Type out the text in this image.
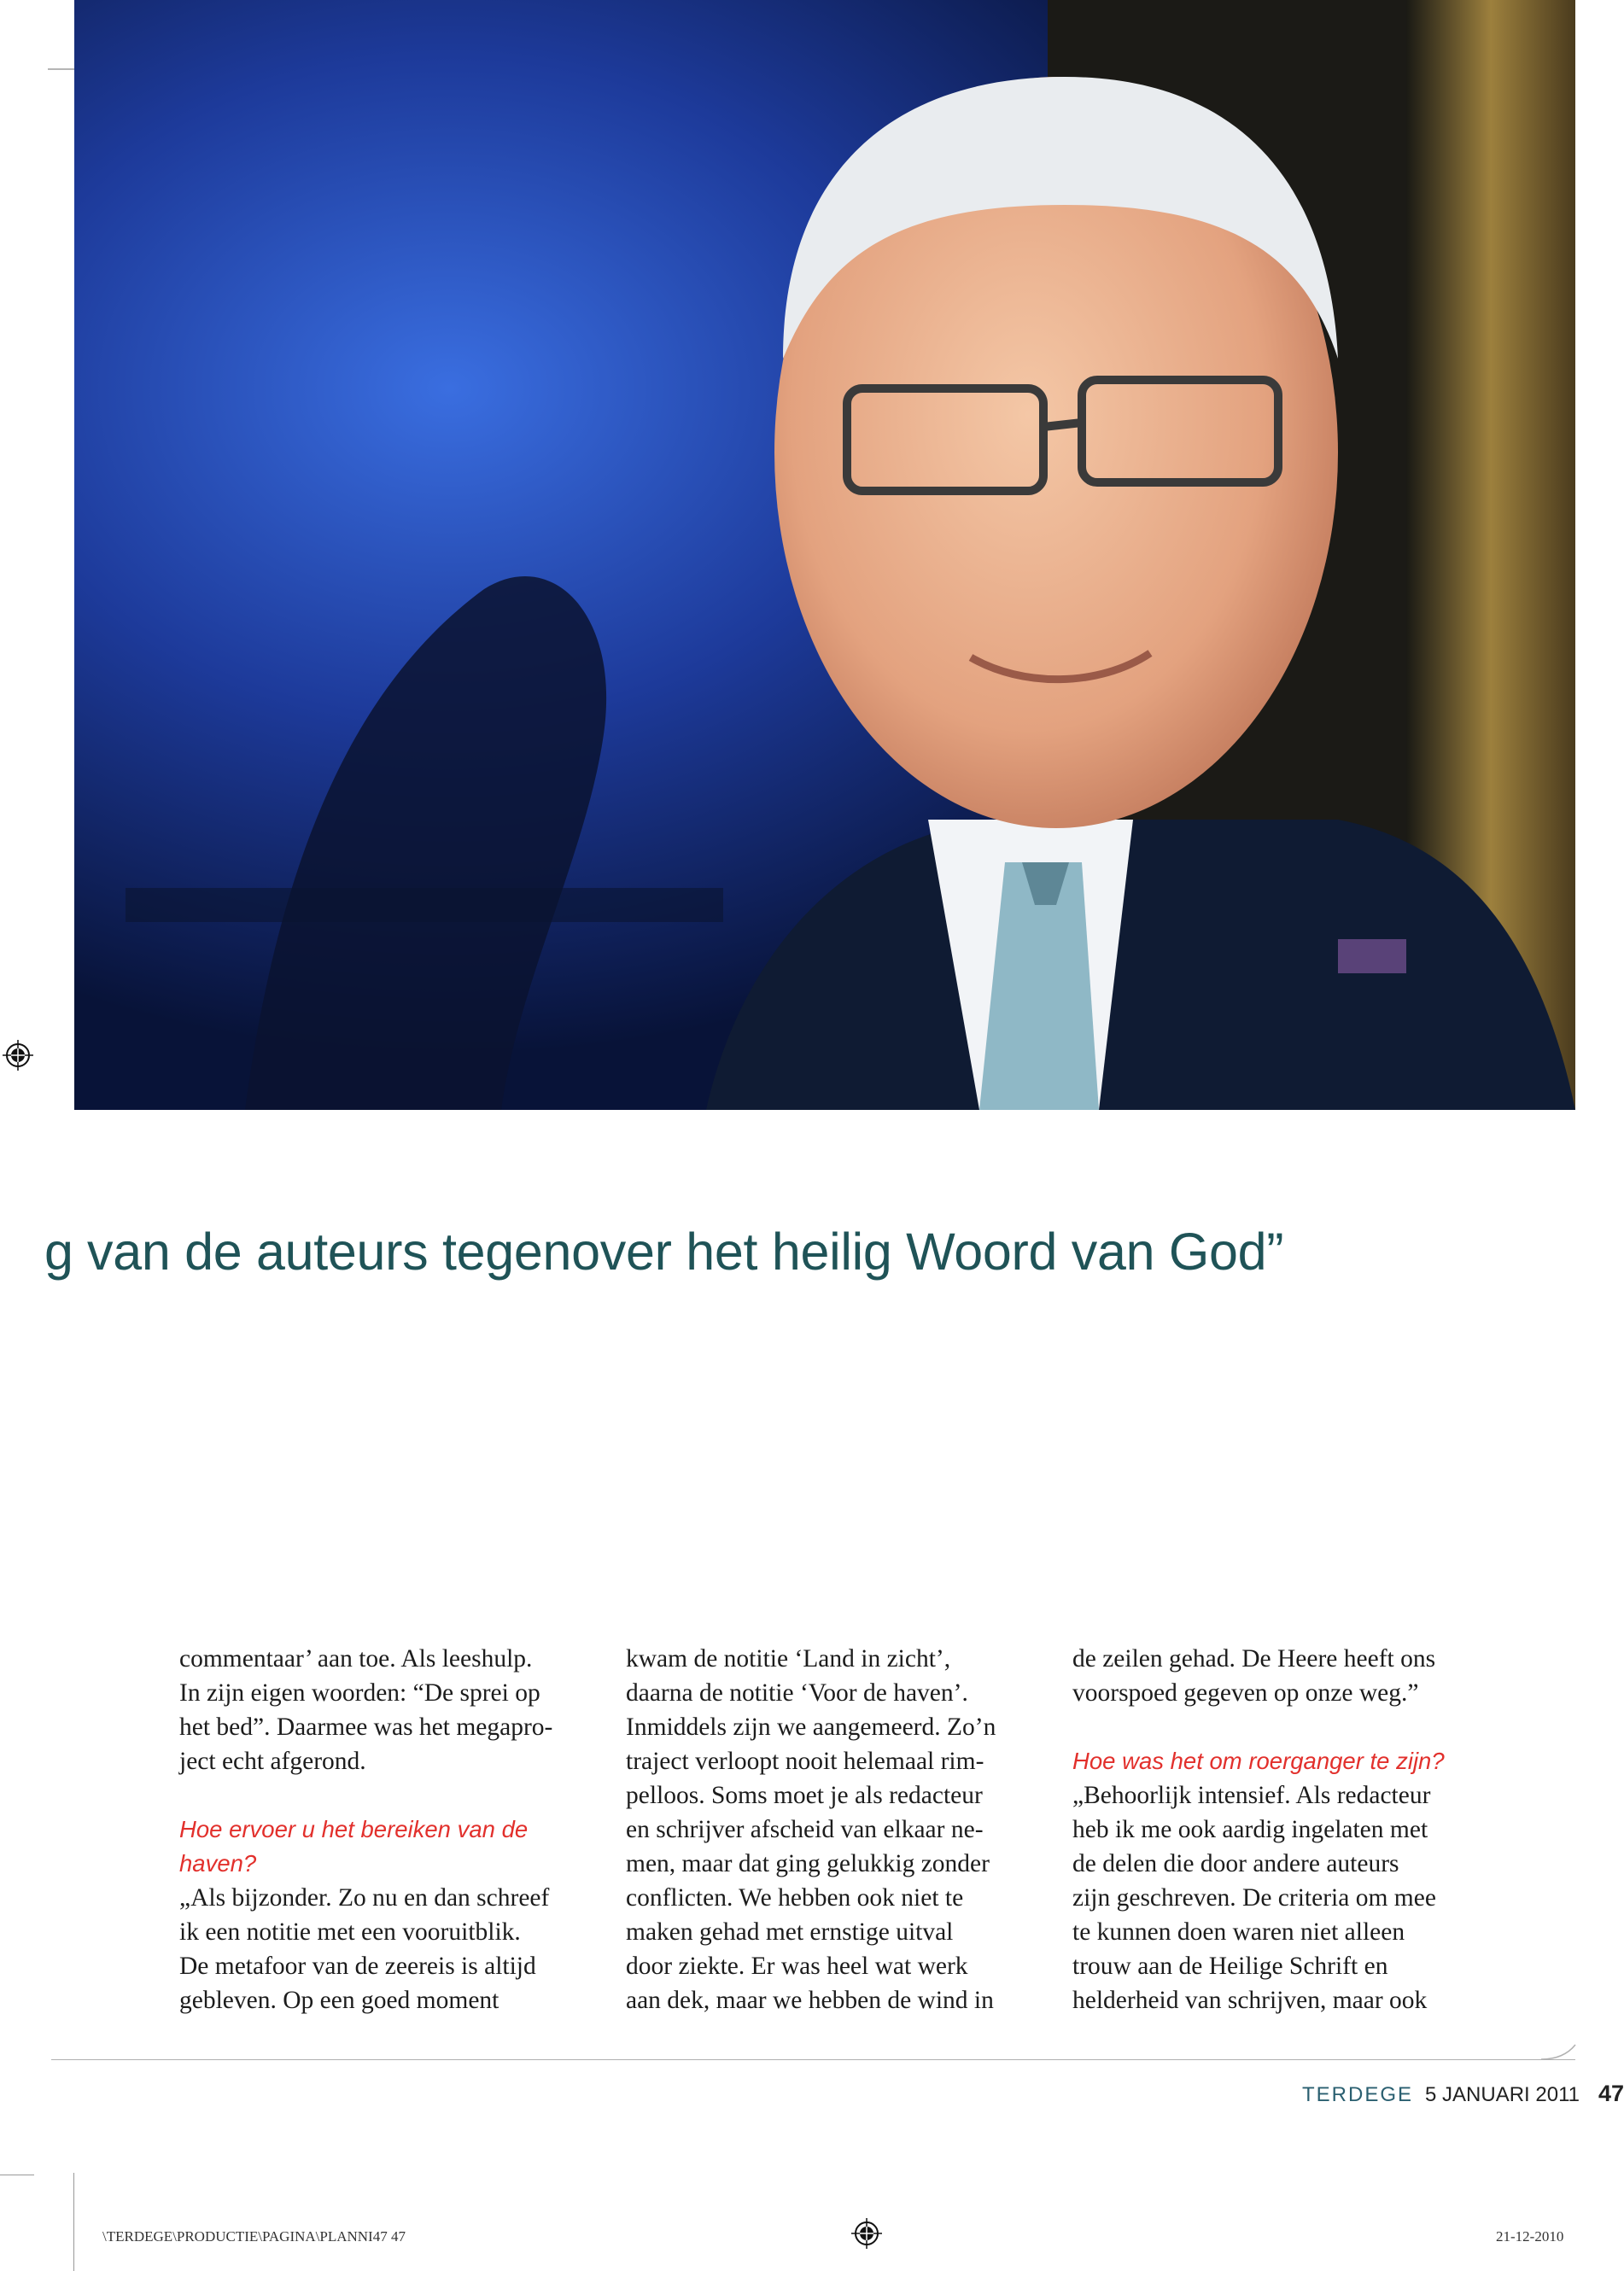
g van de auteurs tegenover het heilig Woord van God”

commentaar’ aan toe. Als leeshulp.

In zijn eigen woorden: “De sprei op

het bed”. Daarmee was het megapro-

ject echt afgerond.

Hoe ervoer u het bereiken van de

haven?

„Als bijzonder. Zo nu en dan schreef

ik een notitie met een vooruitblik.

De metafoor van de zeereis is altijd

gebleven. Op een goed moment

kwam de notitie ‘Land in zicht’,

daarna de notitie ‘Voor de haven’.

Inmiddels zijn we aangemeerd. Zo’n

traject verloopt nooit helemaal rim-

pelloos. Soms moet je als redacteur

en schrijver afscheid van elkaar ne-

men, maar dat ging gelukkig zonder

conflicten. We hebben ook niet te

maken gehad met ernstige uitval

door ziekte. Er was heel wat werk

aan dek, maar we hebben de wind in

de zeilen gehad. De Heere heeft ons

voorspoed gegeven op onze weg.”

Hoe was het om roerganger te zijn?

„Behoorlijk intensief. Als redacteur

heb ik me ook aardig ingelaten met

de delen die door andere auteurs

zijn geschreven. De criteria om mee

te kunnen doen waren niet alleen

trouw aan de Heilige Schrift en

helderheid van schrijven, maar ook

TERDEGE 5 JANUARI 2011 47
\TERDEGE\PRODUCTIE\PAGINA\PLANNI47 47	21-12-2010
